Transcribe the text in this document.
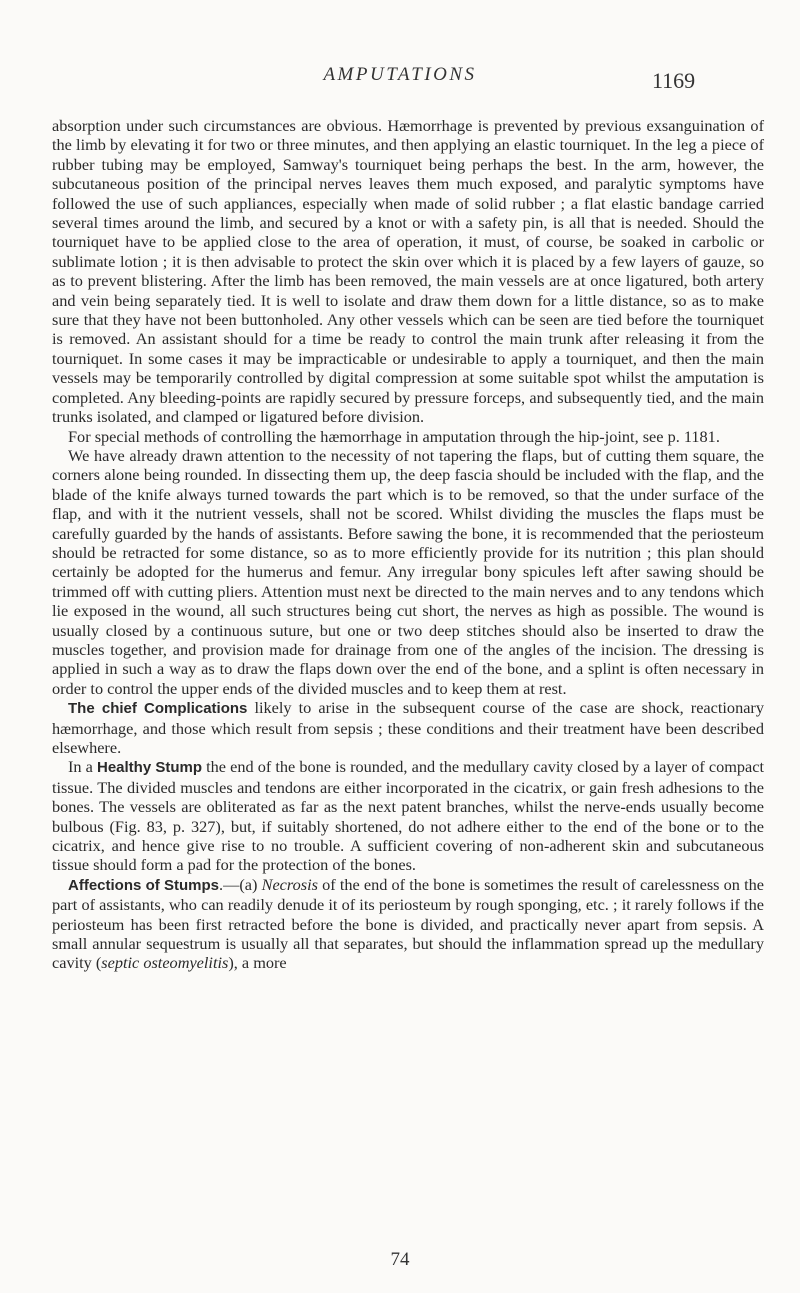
AMPUTATIONS	1169

absorption under such circumstances are obvious. Hæmorrhage is prevented by previous exsanguination of the limb by elevating it for two or three minutes, and then applying an elastic tourniquet. In the leg a piece of rubber tubing may be employed, Samway's tourniquet being perhaps the best. In the arm, however, the subcutaneous position of the principal nerves leaves them much exposed, and paralytic symptoms have followed the use of such appliances, especially when made of solid rubber ; a flat elastic bandage carried several times around the limb, and secured by a knot or with a safety pin, is all that is needed. Should the tourniquet have to be applied close to the area of operation, it must, of course, be soaked in carbolic or sublimate lotion ; it is then advisable to protect the skin over which it is placed by a few layers of gauze, so as to prevent blistering. After the limb has been removed, the main vessels are at once ligatured, both artery and vein being separately tied. It is well to isolate and draw them down for a little distance, so as to make sure that they have not been buttonholed. Any other vessels which can be seen are tied before the tourniquet is removed. An assistant should for a time be ready to control the main trunk after releasing it from the tourniquet. In some cases it may be impracticable or undesirable to apply a tourniquet, and then the main vessels may be temporarily controlled by digital compression at some suitable spot whilst the amputation is completed. Any bleeding-points are rapidly secured by pressure forceps, and subsequently tied, and the main trunks isolated, and clamped or ligatured before division.

For special methods of controlling the hæmorrhage in amputation through the hip-joint, see p. 1181.

We have already drawn attention to the necessity of not tapering the flaps, but of cutting them square, the corners alone being rounded. In dissecting them up, the deep fascia should be included with the flap, and the blade of the knife always turned towards the part which is to be removed, so that the under surface of the flap, and with it the nutrient vessels, shall not be scored. Whilst dividing the muscles the flaps must be carefully guarded by the hands of assistants. Before sawing the bone, it is recommended that the periosteum should be retracted for some distance, so as to more efficiently provide for its nutrition ; this plan should certainly be adopted for the humerus and femur. Any irregular bony spicules left after sawing should be trimmed off with cutting pliers. Attention must next be directed to the main nerves and to any tendons which lie exposed in the wound, all such structures being cut short, the nerves as high as possible. The wound is usually closed by a continuous suture, but one or two deep stitches should also be inserted to draw the muscles together, and provision made for drainage from one of the angles of the incision. The dressing is applied in such a way as to draw the flaps down over the end of the bone, and a splint is often necessary in order to control the upper ends of the divided muscles and to keep them at rest.

The chief Complications likely to arise in the subsequent course of the case are shock, reactionary hæmorrhage, and those which result from sepsis ; these conditions and their treatment have been described elsewhere.

In a Healthy Stump the end of the bone is rounded, and the medullary cavity closed by a layer of compact tissue. The divided muscles and tendons are either incorporated in the cicatrix, or gain fresh adhesions to the bones. The vessels are obliterated as far as the next patent branches, whilst the nerve-ends usually become bulbous (Fig. 83, p. 327), but, if suitably shortened, do not adhere either to the end of the bone or to the cicatrix, and hence give rise to no trouble. A sufficient covering of non-adherent skin and subcutaneous tissue should form a pad for the protection of the bones.

Affections of Stumps.—(a) Necrosis of the end of the bone is sometimes the result of carelessness on the part of assistants, who can readily denude it of its periosteum by rough sponging, etc. ; it rarely follows if the periosteum has been first retracted before the bone is divided, and practically never apart from sepsis. A small annular sequestrum is usually all that separates, but should the inflammation spread up the medullary cavity (septic osteomyelitis), a more

74
